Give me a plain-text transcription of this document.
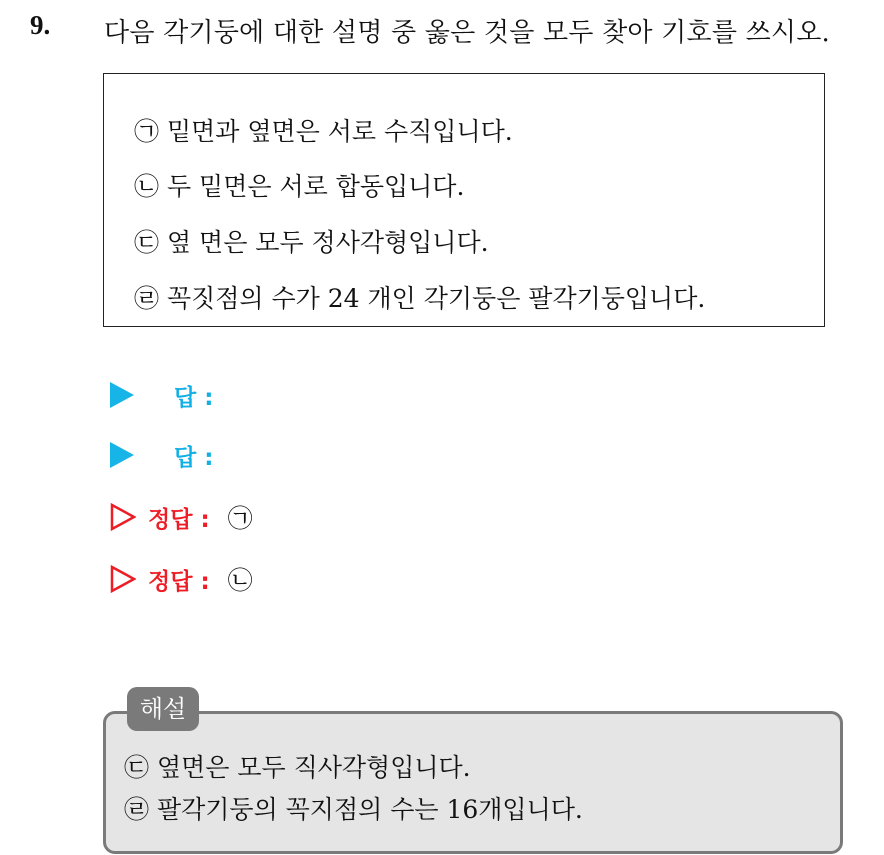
9. 다음 각기둥에 대한 설명 중 옳은 것을 모두 찾아 기호를 쓰시오.
㉠ 밑면과 옆면은 서로 수직입니다.
㉡ 두 밑면은 서로 합동입니다.
㉢ 옆 면은 모두 정사각형입니다.
㉣ 꼭짓점의 수가 24 개인 각기둥은 팔각기둥입니다.
답 :
답 :
정답 : ㉠
정답 : ㉡
㉢ 옆면은 모두 직사각형입니다.
㉣ 팔각기둥의 꼭지점의 수는 16개입니다.
해설
